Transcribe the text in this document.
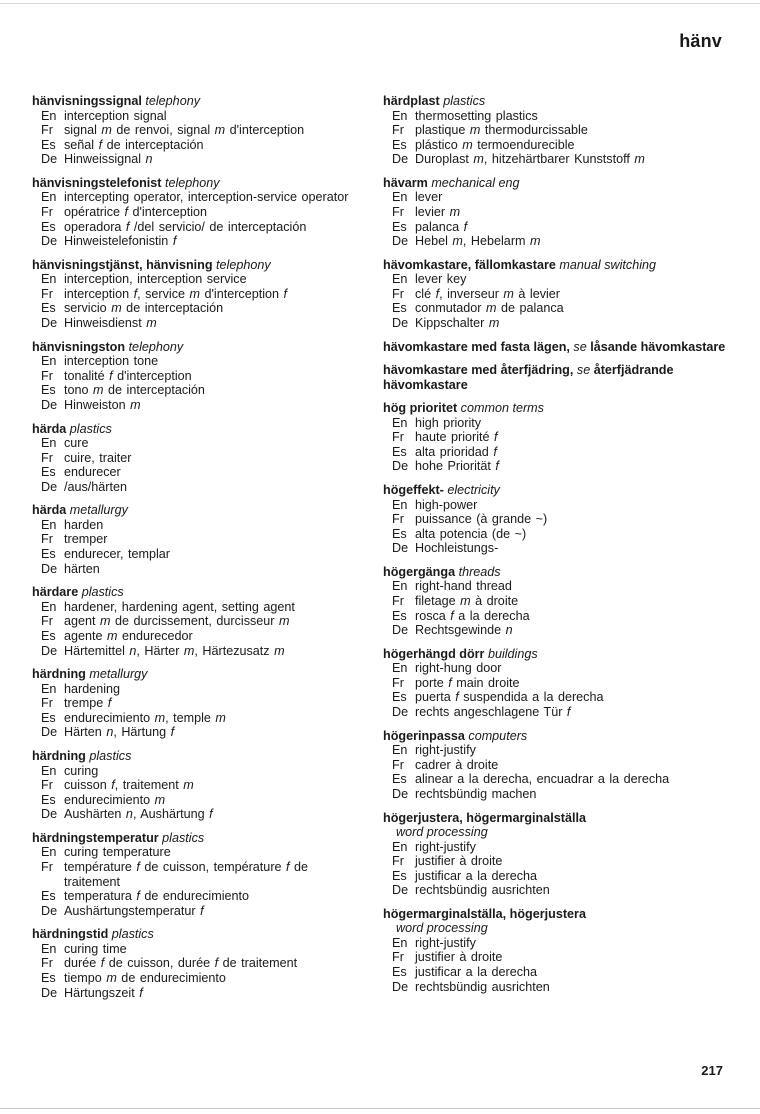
hänv
hänvisningssignal telephony
En interception signal
Fr signal m de renvoi, signal m d'interception
Es señal f de interceptación
De Hinweissignal n
hänvisningstelefonist telephony
En intercepting operator, interception-service operator
Fr opératrice f d'interception
Es operadora f /del servicio/ de interceptación
De Hinweistelefonistin f
hänvisningstjänst, hänvisning telephony
En interception, interception service
Fr interception f, service m d'interception f
Es servicio m de interceptación
De Hinweisdienst m
hänvisningston telephony
En interception tone
Fr tonalité f d'interception
Es tono m de interceptación
De Hinweiston m
härda plastics
En cure
Fr cuire, traiter
Es endurecer
De /aus/härten
härda metallurgy
En harden
Fr tremper
Es endurecer, templar
De härten
härdare plastics
En hardener, hardening agent, setting agent
Fr agent m de durcissement, durcisseur m
Es agente m endurecedor
De Härtemittel n, Härter m, Härtezusatz m
härdning metallurgy
En hardening
Fr trempe f
Es endurecimiento m, temple m
De Härten n, Härtung f
härdning plastics
En curing
Fr cuisson f, traitement m
Es endurecimiento m
De Aushärten n, Aushärtung f
härdningstemperatur plastics
En curing temperature
Fr température f de cuisson, température f de traitement
Es temperatura f de endurecimiento
De Aushärtungstemperatur f
härdningstid plastics
En curing time
Fr durée f de cuisson, durée f de traitement
Es tiempo m de endurecimiento
De Härtungszeit f
härdplast plastics
En thermosetting plastics
Fr plastique m thermodurcissable
Es plástico m termoendurecible
De Duroplast m, hitzehärtbarer Kunststoff m
hävarm mechanical eng
En lever
Fr levier m
Es palanca f
De Hebel m, Hebelarm m
hävomkastare, fällomkastare manual switching
En lever key
Fr clé f, inverseur m à levier
Es conmutador m de palanca
De Kippschalter m
hävomkastare med fasta lägen, se låsande hävomkastare
hävomkastare med återfjädring, se återfjädrande hävomkastare
hög prioritet common terms
En high priority
Fr haute priorité f
Es alta prioridad f
De hohe Priorität f
högeffekt- electricity
En high-power
Fr puissance (à grande ~)
Es alta potencia (de ~)
De Hochleistungs-
högergänga threads
En right-hand thread
Fr filetage m à droite
Es rosca f a la derecha
De Rechtsgewinde n
högerhängd dörr buildings
En right-hung door
Fr porte f main droite
Es puerta f suspendida a la derecha
De rechts angeschlagene Tür f
högerinpassa computers
En right-justify
Fr cadrer à droite
Es alinear a la derecha, encuadrar a la derecha
De rechtsbündig machen
högerjustera, högermarginalställa
word processing
En right-justify
Fr justifier à droite
Es justificar a la derecha
De rechtsbündig ausrichten
högermarginalställa, högerjustera
word processing
En right-justify
Fr justifier à droite
Es justificar a la derecha
De rechtsbündig ausrichten
217
